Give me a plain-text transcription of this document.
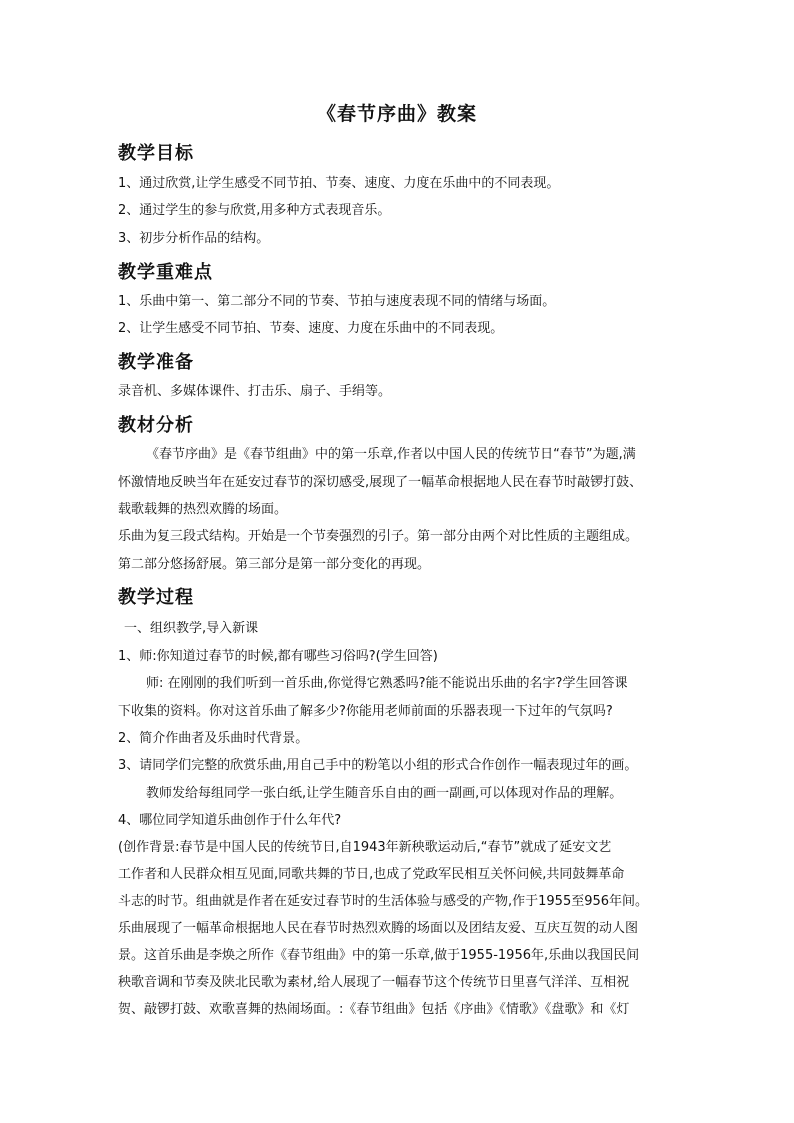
《春节序曲》教案
教学目标
1、通过欣赏,让学生感受不同节拍、节奏、速度、力度在乐曲中的不同表现。
2、通过学生的参与欣赏,用多种方式表现音乐。
3、初步分析作品的结构。
教学重难点
1、乐曲中第一、第二部分不同的节奏、节拍与速度表现不同的情绪与场面。
2、让学生感受不同节拍、节奏、速度、力度在乐曲中的不同表现。
教学准备
录音机、多媒体课件、打击乐、扇子、手绢等。
教材分析
《春节序曲》是《春节组曲》中的第一乐章,作者以中国人民的传统节日“春节”为题,满
怀激情地反映当年在延安过春节的深切感受,展现了一幅革命根据地人民在春节时敲锣打鼓、
载歌载舞的热烈欢腾的场面。
乐曲为复三段式结构。开始是一个节奏强烈的引子。第一部分由两个对比性质的主题组成。
第二部分悠扬舒展。第三部分是第一部分变化的再现。
教学过程
一、组织教学,导入新课
1、师:你知道过春节的时候,都有哪些习俗吗?(学生回答)
师: 在刚刚的我们听到一首乐曲,你觉得它熟悉吗?能不能说出乐曲的名字?学生回答课
下收集的资料。你对这首乐曲了解多少?你能用老师前面的乐器表现一下过年的气氛吗?
2、简介作曲者及乐曲时代背景。
3、请同学们完整的欣赏乐曲,用自己手中的粉笔以小组的形式合作创作一幅表现过年的画。
教师发给每组同学一张白纸,让学生随音乐自由的画一副画,可以体现对作品的理解。
4、哪位同学知道乐曲创作于什么年代?
(创作背景:春节是中国人民的传统节日,自1943年新秧歌运动后,“春节”就成了延安文艺
工作者和人民群众相互见面,同歌共舞的节日,也成了党政军民相互关怀问候,共同鼓舞革命
斗志的时节。组曲就是作者在延安过春节时的生活体验与感受的产物,作于1955至956年间。
乐曲展现了一幅革命根据地人民在春节时热烈欢腾的场面以及团结友爱、互庆互贺的动人图
景。这首乐曲是李焕之所作《春节组曲》中的第一乐章,做于1955-1956年,乐曲以我国民间
秧歌音调和节奏及陕北民歌为素材,给人展现了一幅春节这个传统节日里喜气洋洋、互相祝
贺、敲锣打鼓、欢歌喜舞的热闹场面。:《春节组曲》包括《序曲》《情歌》《盘歌》和《灯
